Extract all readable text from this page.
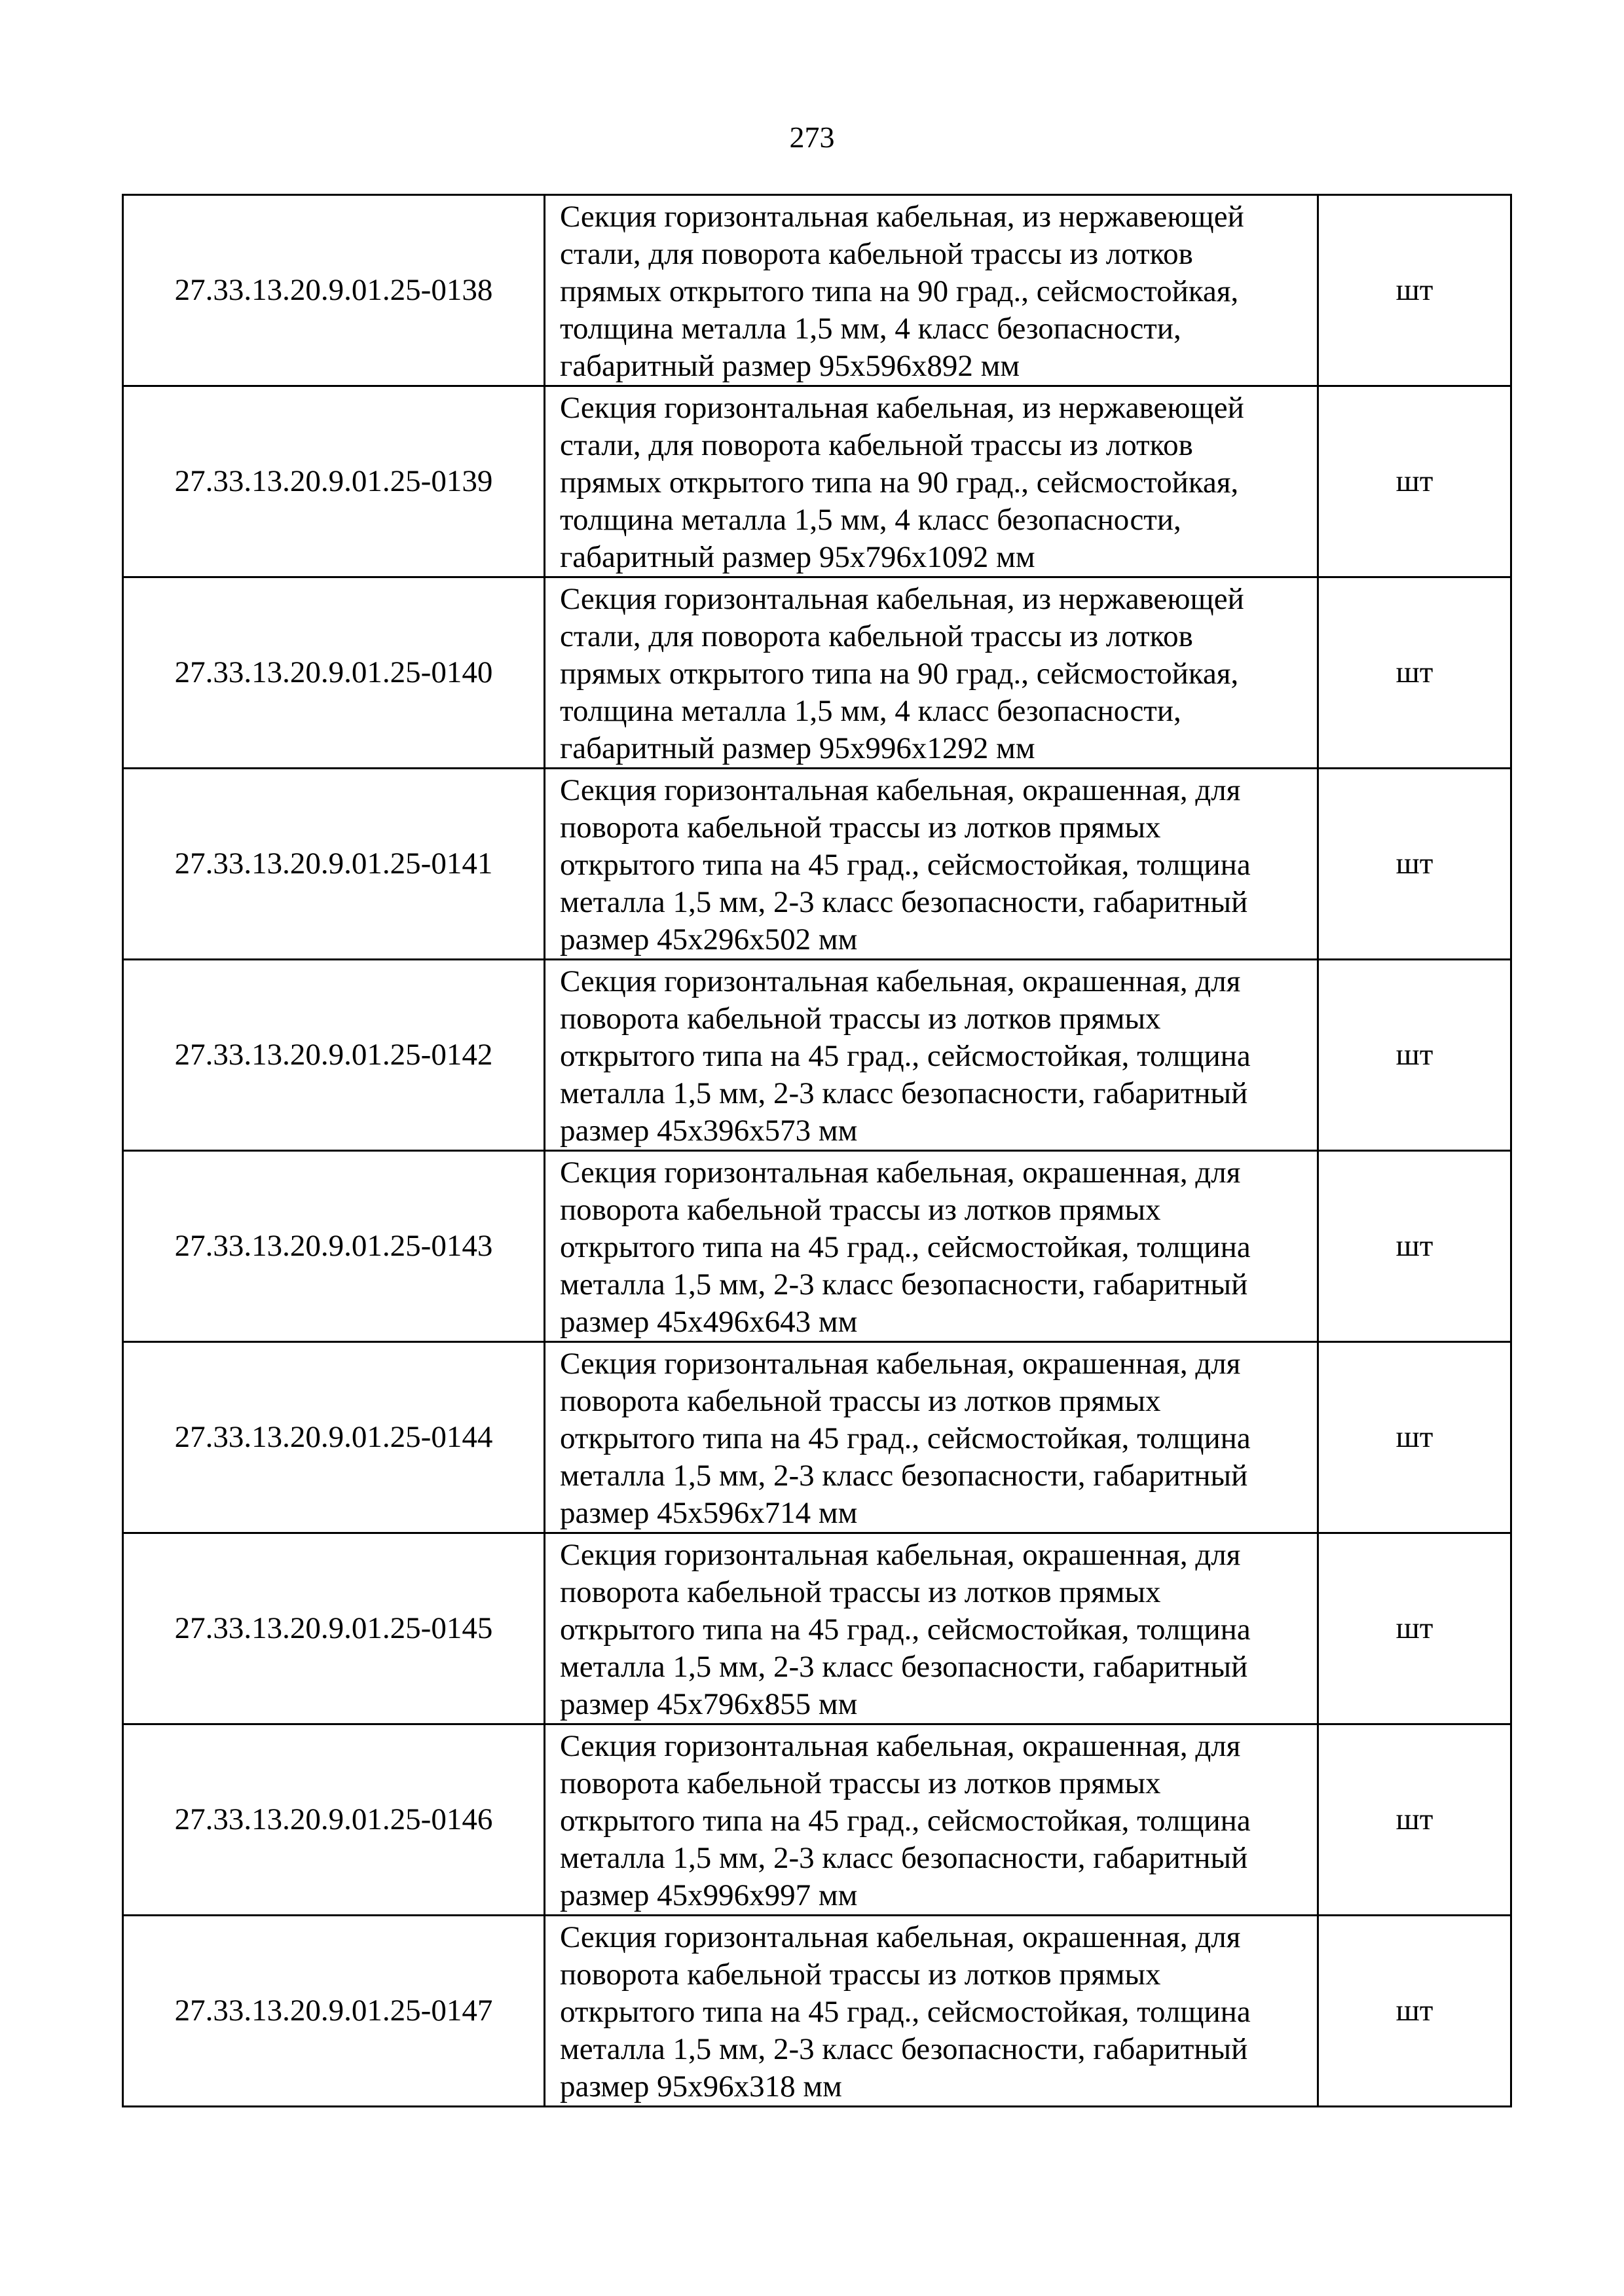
273
27.33.13.20.9.01.25-0138	Секция горизонтальная кабельная, из нержавеющей
стали, для поворота кабельной трассы из лотков
прямых открытого типа на 90 град., сейсмостойкая,
толщина металла 1,5 мм, 4 класс безопасности,
габаритный размер 95х596х892 мм	шт
27.33.13.20.9.01.25-0139	Секция горизонтальная кабельная, из нержавеющей
стали, для поворота кабельной трассы из лотков
прямых открытого типа на 90 град., сейсмостойкая,
толщина металла 1,5 мм, 4 класс безопасности,
габаритный размер 95х796х1092 мм	шт
27.33.13.20.9.01.25-0140	Секция горизонтальная кабельная, из нержавеющей
стали, для поворота кабельной трассы из лотков
прямых открытого типа на 90 град., сейсмостойкая,
толщина металла 1,5 мм, 4 класс безопасности,
габаритный размер 95х996х1292 мм	шт
27.33.13.20.9.01.25-0141	Секция горизонтальная кабельная, окрашенная, для
поворота кабельной трассы из лотков прямых
открытого типа на 45 град., сейсмостойкая, толщина
металла 1,5 мм, 2-3 класс безопасности, габаритный
размер 45х296х502 мм	шт
27.33.13.20.9.01.25-0142	Секция горизонтальная кабельная, окрашенная, для
поворота кабельной трассы из лотков прямых
открытого типа на 45 град., сейсмостойкая, толщина
металла 1,5 мм, 2-3 класс безопасности, габаритный
размер 45х396х573 мм	шт
27.33.13.20.9.01.25-0143	Секция горизонтальная кабельная, окрашенная, для
поворота кабельной трассы из лотков прямых
открытого типа на 45 град., сейсмостойкая, толщина
металла 1,5 мм, 2-3 класс безопасности, габаритный
размер 45х496х643 мм	шт
27.33.13.20.9.01.25-0144	Секция горизонтальная кабельная, окрашенная, для
поворота кабельной трассы из лотков прямых
открытого типа на 45 град., сейсмостойкая, толщина
металла 1,5 мм, 2-3 класс безопасности, габаритный
размер 45х596х714 мм	шт
27.33.13.20.9.01.25-0145	Секция горизонтальная кабельная, окрашенная, для
поворота кабельной трассы из лотков прямых
открытого типа на 45 град., сейсмостойкая, толщина
металла 1,5 мм, 2-3 класс безопасности, габаритный
размер 45х796х855 мм	шт
27.33.13.20.9.01.25-0146	Секция горизонтальная кабельная, окрашенная, для
поворота кабельной трассы из лотков прямых
открытого типа на 45 град., сейсмостойкая, толщина
металла 1,5 мм, 2-3 класс безопасности, габаритный
размер 45х996х997 мм	шт
27.33.13.20.9.01.25-0147	Секция горизонтальная кабельная, окрашенная, для
поворота кабельной трассы из лотков прямых
открытого типа на 45 град., сейсмостойкая, толщина
металла 1,5 мм, 2-3 класс безопасности, габаритный
размер 95х96х318 мм	шт
